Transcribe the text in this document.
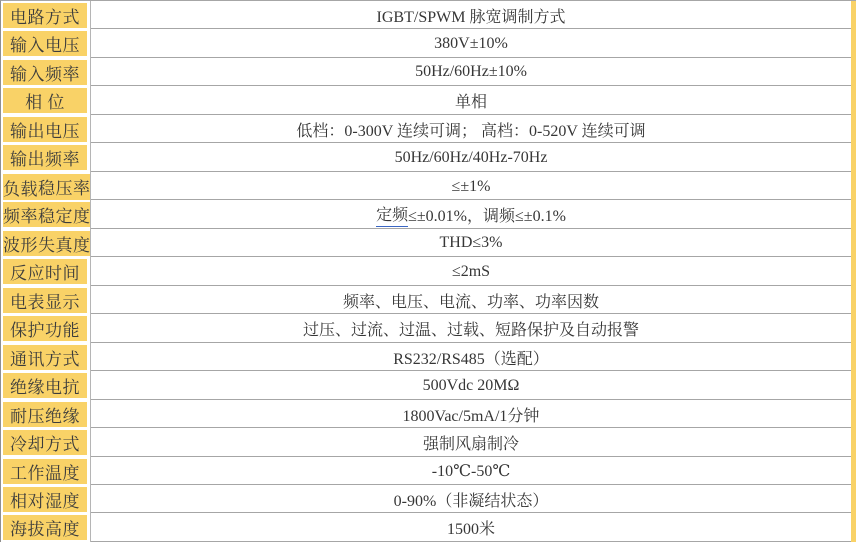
电路方式	IGBT/SPWM 脉宽调制方式
输入电压	380V±10%
输入频率	50Hz/60Hz±10%
相 位	单相
输出电压	低档：0-300V 连续可调； 高档：0-520V 连续可调
输出频率	50Hz/60Hz/40Hz-70Hz
负载 稳压率	≤±1%
频率稳定度	定频 ≤±0.01%，调频≤±0.1%
波形失真度	THD≤3%
反应时间	≤2mS
电表显示	频率、电压、电流、功率、功率因数
保护功能	过压、过流、过温、过载、短路保护及自动报警
通讯方式	RS232/RS485（选配）
绝缘电抗	500Vdc 20MΩ
耐压绝缘	1800Vac/5mA/1分钟
冷却方式	强制风扇制冷
工作温度	-10℃-50℃
相对湿度	0-90%（非凝结状态）
海拔高度	1500米
